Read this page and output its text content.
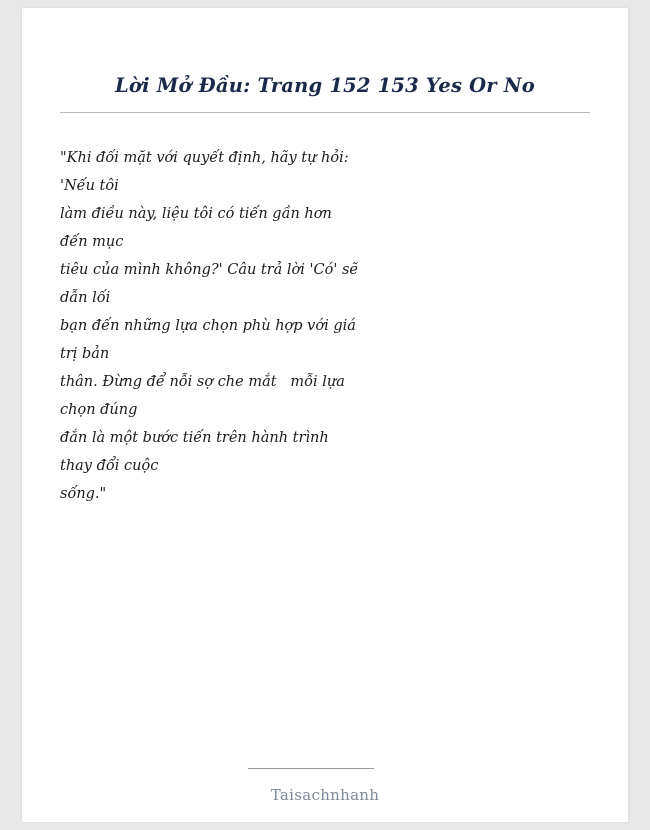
Lời Mở Đầu: Trang 152 153 Yes Or No
"Khi đối mặt với quyết định, hãy tự hỏi: 'Nếu tôi
làm điều này, liệu tôi có tiến gần hơn đến mục
tiêu của mình không?' Câu trả lời 'Có' sẽ dẫn lối
bạn đến những lựa chọn phù hợp với giá trị bản
thân. Đừng để nỗi sợ che mắt   mỗi lựa chọn đúng
đắn là một bước tiến trên hành trình thay đổi cuộc
sống."
Taisachnhanh
